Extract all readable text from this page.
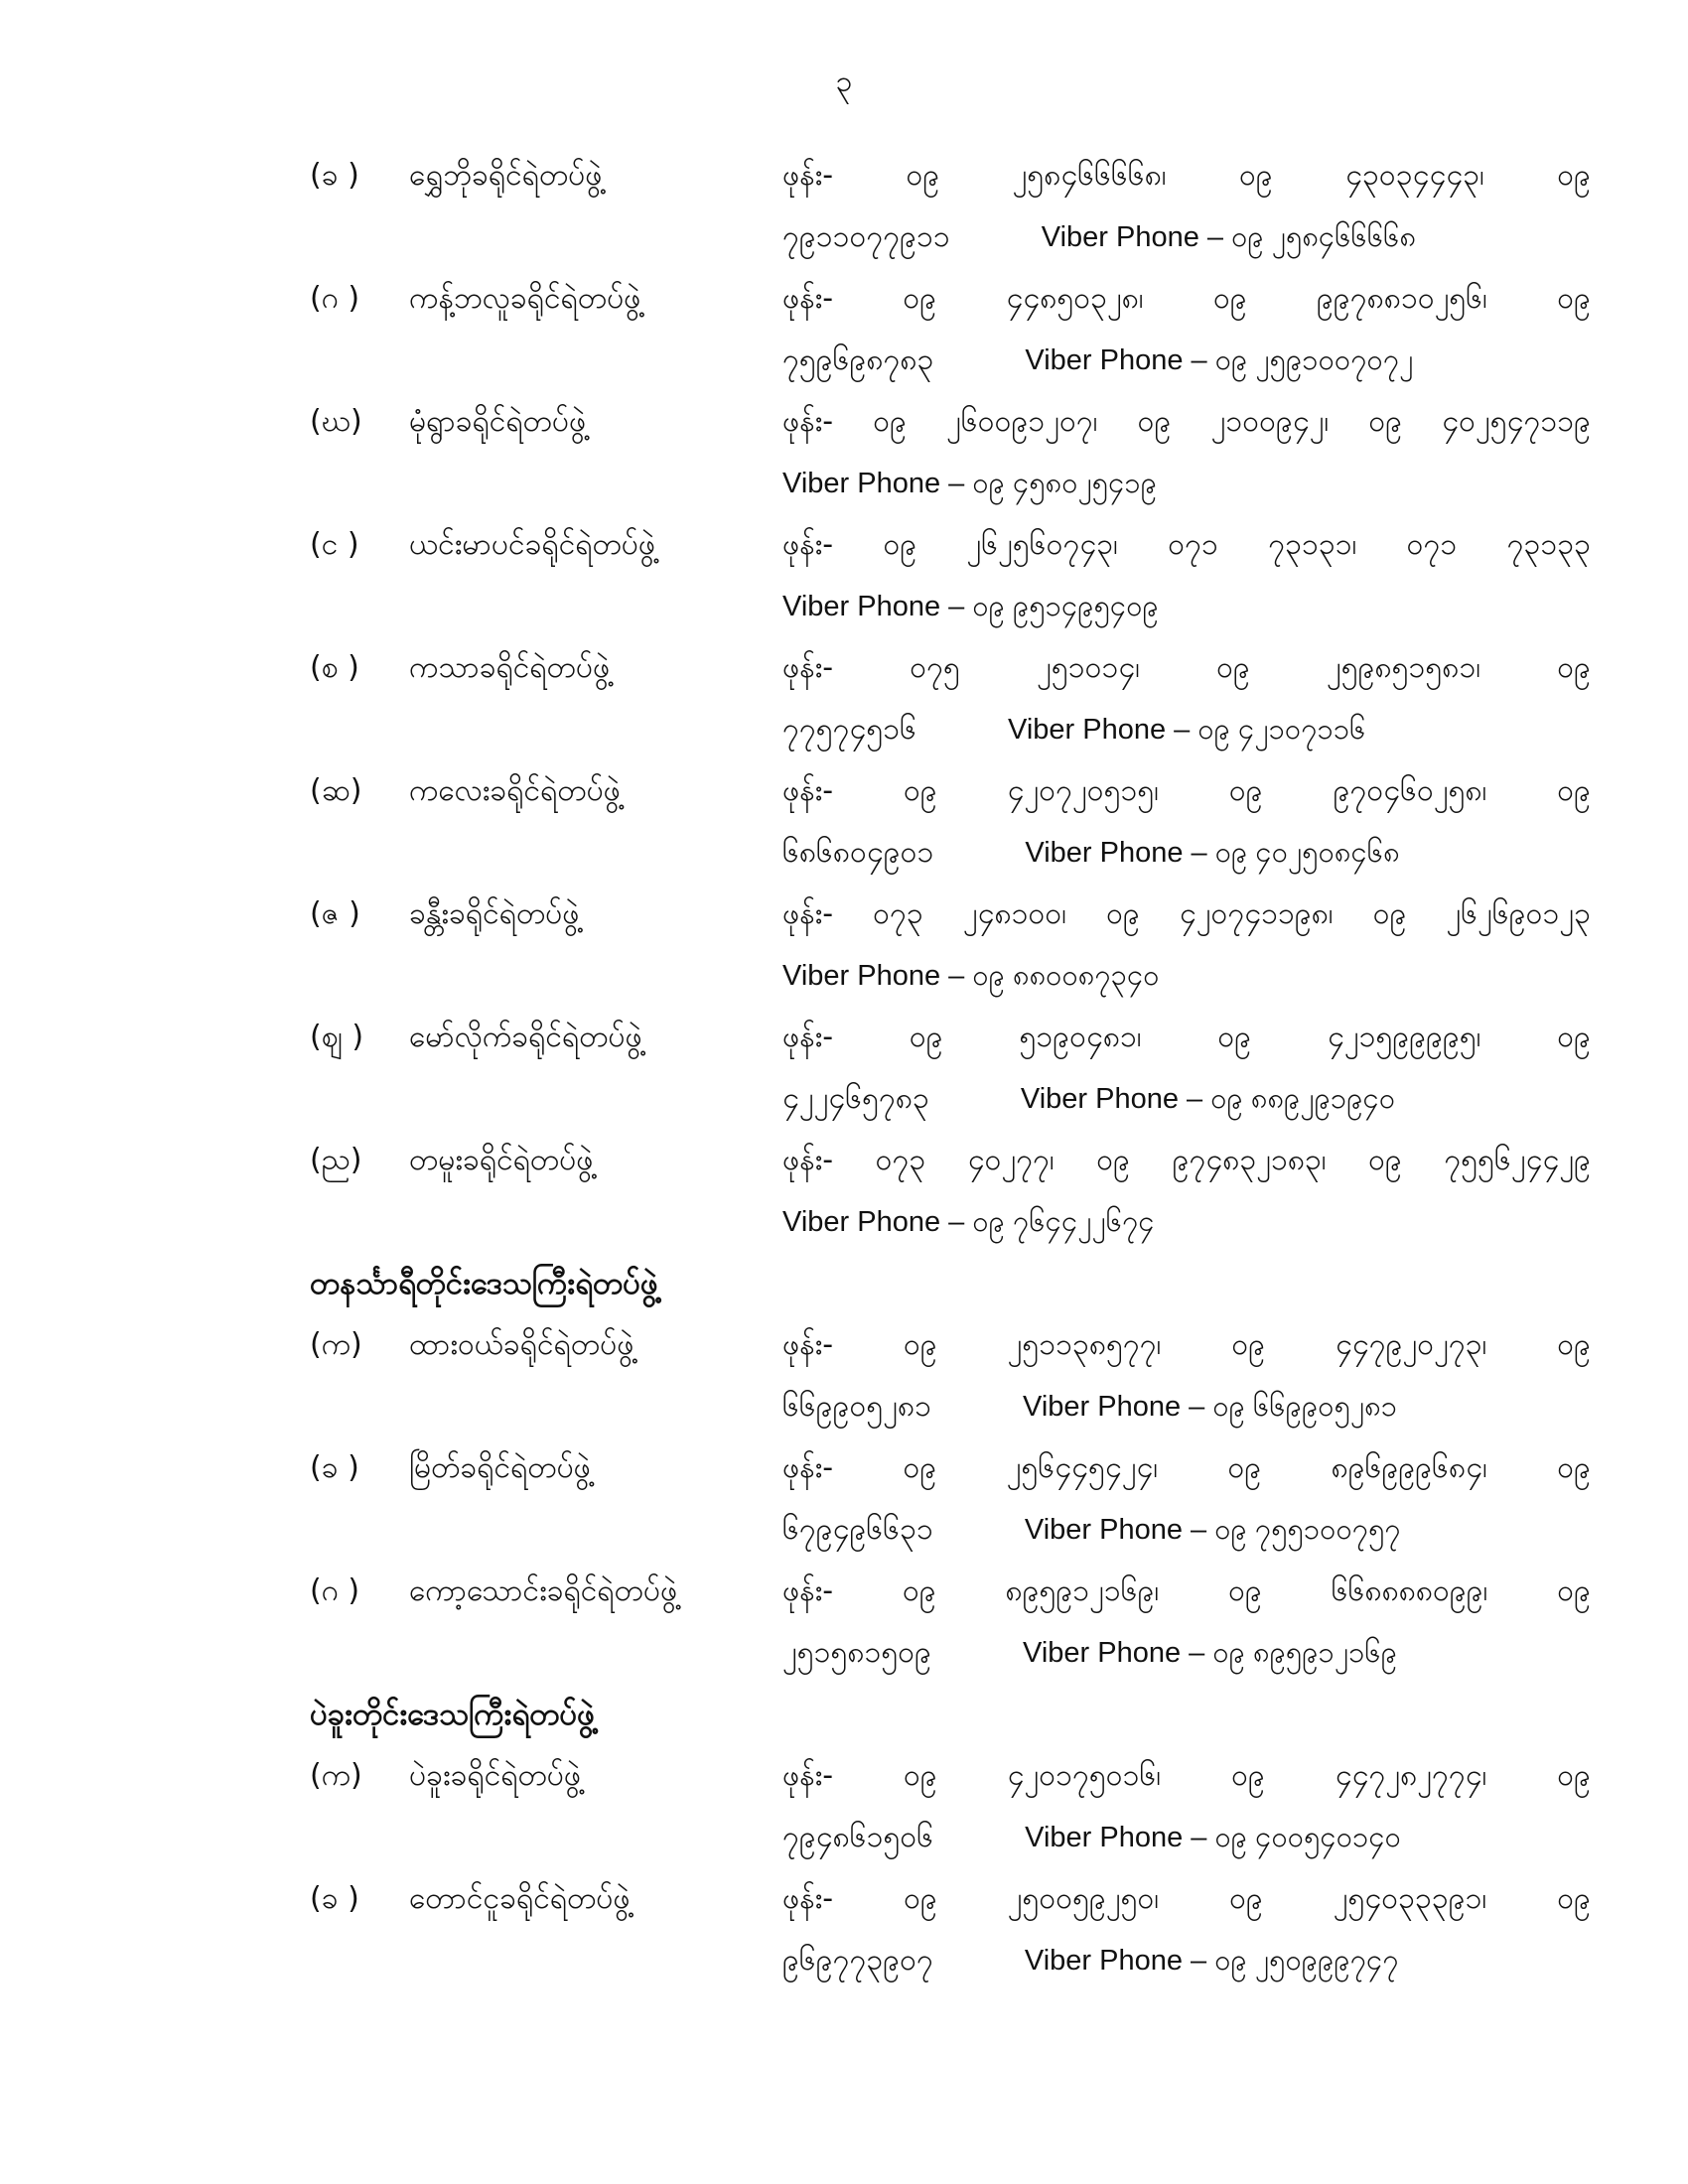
၃
(ခ )	ရွှေဘိုခရိုင်ရဲတပ်ဖွဲ့	ဖုန်း- ၀၉ ၂၅၈၄၆၆၆၆၈၊ ၀၉ ၄၃၀၃၄၄၄၃၊ ၀၉
၇၉၁၁၀၇၇၉၁၁	Viber Phone – ၀၉ ၂၅၈၄၆၆၆၆၈
(ဂ )	ကန့်ဘလူခရိုင်ရဲတပ်ဖွဲ့	ဖုန်း- ၀၉ ၄၄၈၅၀၃၂၈၊ ၀၉ ၉၉၇၈၈၁၀၂၅၆၊ ၀၉
၇၅၉၆၉၈၇၈၃	Viber Phone – ၀၉ ၂၅၉၁၀၀၇၀၇၂
(ဃ)	မုံရွာခရိုင်ရဲတပ်ဖွဲ့	ဖုန်း- ၀၉ ၂၆၀၀၉၁၂၀၇၊ ၀၉ ၂၁၀၀၉၄၂၊ ၀၉ ၄၀၂၅၄၇၁၁၉
Viber Phone – ၀၉ ၄၅၈၀၂၅၄၁၉
(င )	ယင်းမာပင်ခရိုင်ရဲတပ်ဖွဲ့	ဖုန်း- ၀၉ ၂၆၂၅၆၀၇၄၃၊ ၀၇၁ ၇၃၁၃၁၊ ၀၇၁ ၇၃၁၃၃
Viber Phone – ၀၉ ၉၅၁၄၉၅၄၀၉
(စ )	ကသာခရိုင်ရဲတပ်ဖွဲ့	ဖုန်း- ၀၇၅ ၂၅၁၀၁၄၊ ၀၉ ၂၅၉၈၅၁၅၈၁၊ ၀၉
၇၇၅၇၄၅၁၆	Viber Phone – ၀၉ ၄၂၁၀၇၁၁၆
(ဆ)	ကလေးခရိုင်ရဲတပ်ဖွဲ့	ဖုန်း- ၀၉ ၄၂၀၇၂၀၅၁၅၊ ၀၉ ၉၇၀၄၆၀၂၅၈၊ ၀၉
၆၈၆၈၀၄၉၀၁	Viber Phone – ၀၉ ၄၀၂၅၀၈၄၆၈
(ဇ )	ခန္တီးခရိုင်ရဲတပ်ဖွဲ့	ဖုန်း- ၀၇၃ ၂၄၈၁၀၀၊ ၀၉ ၄၂၀၇၄၁၁၉၈၊ ၀၉ ၂၆၂၆၉၀၁၂၃
Viber Phone – ၀၉ ၈၈၀၀၈၇၃၄၀
(ဈ )	မော်လိုက်ခရိုင်ရဲတပ်ဖွဲ့	ဖုန်း- ၀၉ ၅၁၉၀၄၈၁၊ ၀၉ ၄၂၁၅၉၉၉၉၅၊ ၀၉
၄၂၂၄၆၅၇၈၃	Viber Phone – ၀၉ ၈၈၉၂၉၁၉၄၀
(ည)	တမူးခရိုင်ရဲတပ်ဖွဲ့	ဖုန်း- ၀၇၃ ၄၀၂၇၇၊ ၀၉ ၉၇၄၈၃၂၁၈၃၊ ၀၉ ၇၅၅၆၂၄၄၂၉
Viber Phone – ၀၉ ၇၆၄၄၂၂၆၇၄
တနင်္သာရီတိုင်းဒေသကြီးရဲတပ်ဖွဲ့
(က)	ထားဝယ်ခရိုင်ရဲတပ်ဖွဲ့	ဖုန်း- ၀၉ ၂၅၁၁၃၈၅၇၇၊ ၀၉ ၄၄၇၉၂၀၂၇၃၊ ၀၉
၆၆၉၉၀၅၂၈၁	Viber Phone – ၀၉ ၆၆၉၉၀၅၂၈၁
(ခ )	မြိတ်ခရိုင်ရဲတပ်ဖွဲ့	ဖုန်း- ၀၉ ၂၅၆၄၄၅၄၂၄၊ ၀၉ ၈၉၆၉၉၉၆၈၄၊ ၀၉
၆၇၉၄၉၆၆၃၁	Viber Phone – ၀၉ ၇၅၅၁၀၀၇၅၇
(ဂ )	ကော့သောင်းခရိုင်ရဲတပ်ဖွဲ့	ဖုန်း- ၀၉ ၈၉၅၉၁၂၁၆၉၊ ၀၉ ၆၆၈၈၈၈၀၉၉၊ ၀၉
၂၅၁၅၈၁၅၀၉	Viber Phone – ၀၉ ၈၉၅၉၁၂၁၆၉
ပဲခူးတိုင်းဒေသကြီးရဲတပ်ဖွဲ့
(က)	ပဲခူးခရိုင်ရဲတပ်ဖွဲ့	ဖုန်း- ၀၉ ၄၂၀၁၇၅၀၁၆၊ ၀၉ ၄၄၇၂၈၂၇၇၄၊ ၀၉
၇၉၄၈၆၁၅၀၆	Viber Phone – ၀၉ ၄၀၀၅၄၀၁၄၀
(ခ )	တောင်ငူခရိုင်ရဲတပ်ဖွဲ့	ဖုန်း- ၀၉ ၂၅၀၀၅၉၂၅၀၊ ၀၉ ၂၅၄၀၃၃၃၉၁၊ ၀၉
၉၆၉၇၇၃၉၀၇	Viber Phone – ၀၉ ၂၅၀၉၉၉၇၄၇
